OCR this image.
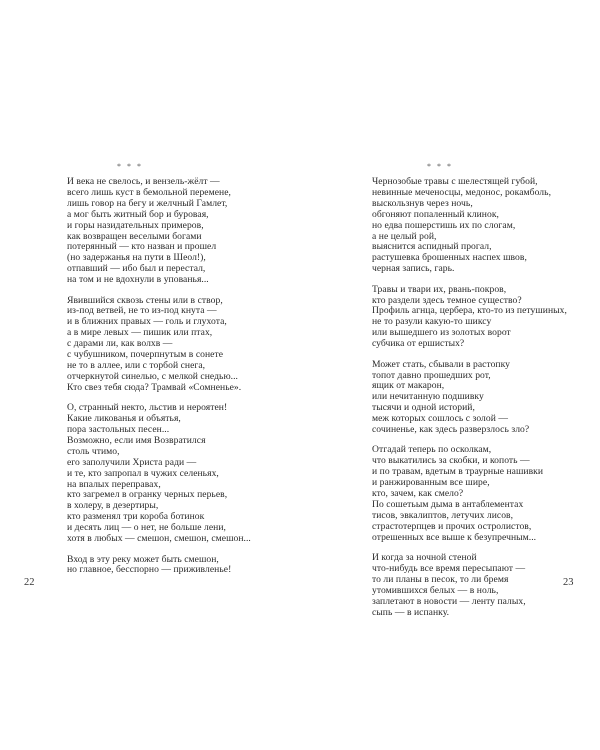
* * *
И века не свелось, и вензель-жёлт —
всего лишь куст в бемольной перемене,
лишь говор на бегу и желчный Гамлет,
а мог быть житный бор и буровая,
и горы назидательных примеров,
как возвращен веселыми богами
потерянный — кто назван и прошел
(но задержанья на пути в Шеол!),
отпавший — ибо был и перестал,
на том и не вдохнули в упованья...
Явившийся сквозь стены или в створ,
из-под ветвей, не то из-под кнута —
и в ближних правых — голь и глухота,
а в мире левых — пишик или птах,
с дарами ли, как волхв —
с чубушником, почерпнутым в сонете
не то в аллее, или с торбой снега,
отчеркнутой синелью, с мелкой снедью...
Кто свез тебя сюда? Трамвай «Сомненье».
О, странный некто, льстив и нероятен!
Какие ликованья и объятья,
пора застольных песен...
Возможно, если имя Возвратился
столь чтимо,
его заполучили Христа ради —
и те, кто запропал в чужих селеньях,
на впалых переправах,
кто загремел в огранку черных перьев,
в холеру, в дезертиры,
кто разменял три короба ботинок
и десять лиц — о нет, не больше лени,
хотя в любых — смешон, смешон, смешон...
Вход в эту реку может быть смешон,
но главное, бесспорно — приживленье!
22
* * *
Чернозобые травы с шелестящей губой,
невинные меченосцы, медонос, рокамболь,
выскользнув через ночь,
обгоняют попаленный клинок,
но едва пошерстишь их по слогам,
а не целый рой,
выяснится аспидный прогал,
растушевка брошенных наспех швов,
черная запись, гарь.
Травы и твари их, рвань-покров,
кто раздели здесь темное существо?
Профиль агнца, цербера, кто-то из петушиных,
не то разули какую-то шиксу
или вышедшего из золотых ворот
субчика от ершистых?
Может стать, сбывали в растопку
топот давно прошедших рот,
ящик от макарон,
или нечитанную подшивку
тысячи и одной историй,
меж которых сошлось с золой —
сочиненье, как здесь разверзлось зло?
Отгадай теперь по осколкам,
что выкатились за скобки, и копоть —
и по травам, вдетым в траурные нашивки
и ранжированным все шире,
кто, зачем, как смело?
По сошетьым дыма в антаблементах
тисов, эвкалиптов, летучих лисов,
страстотерпцев и прочих остролистов,
отрешенных все выше к безупречным...
И когда за ночной стеной
что-нибудь все время пересыпают —
то ли планы в песок, то ли бремя
утомившихся белых — в ноль,
заплетают в новости — ленту палых,
сыпь — в испанку.
23
